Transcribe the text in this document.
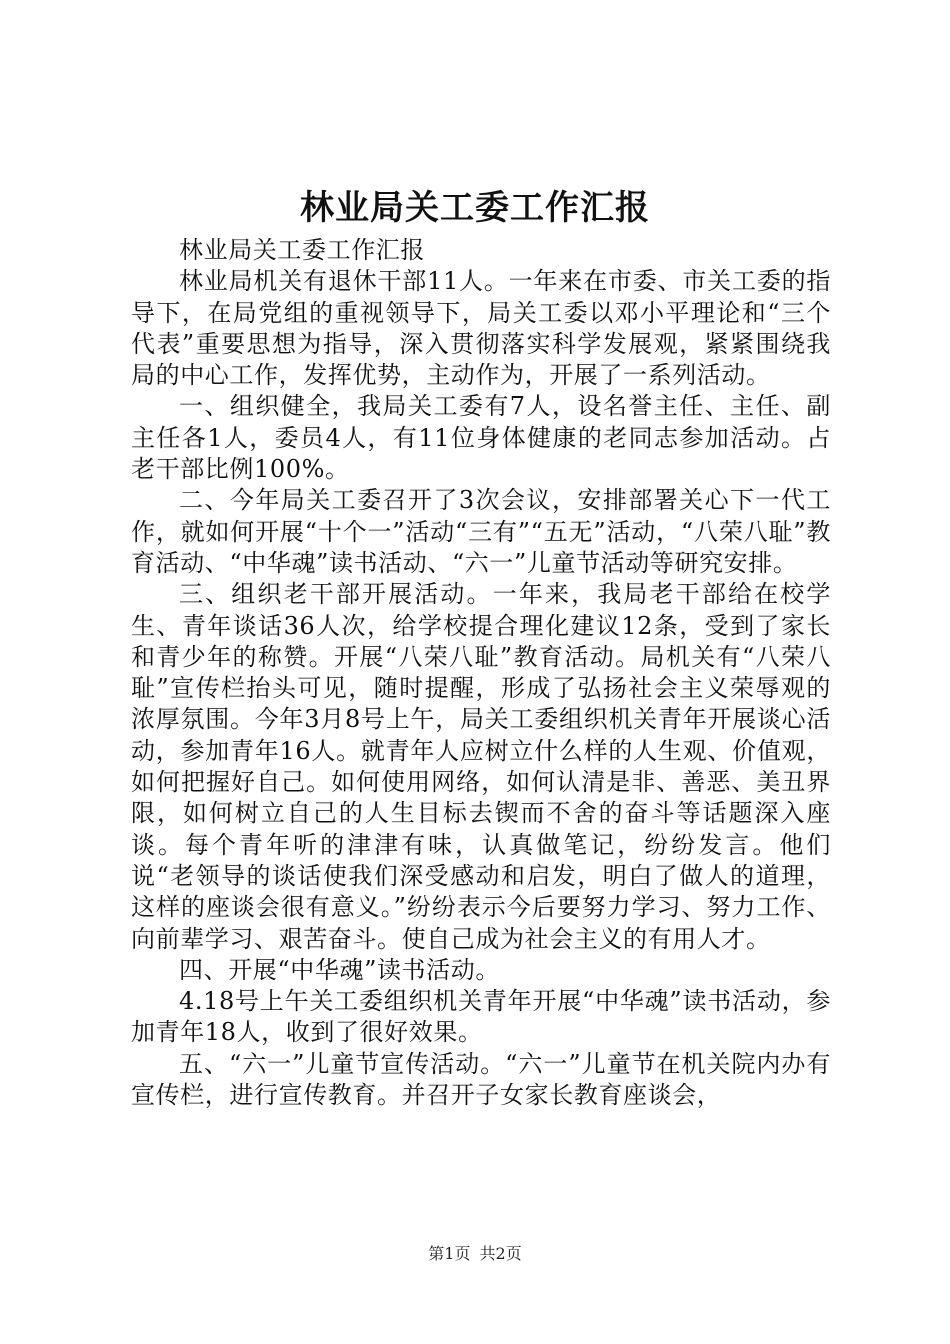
林业局关工委工作汇报

林业局关工委工作汇报

林业局机关有退休干部11人。一年来在市委、市关工委的指导下，在局党组的重视领导下，局关工委以邓小平理论和“三个代表”重要思想为指导，深入贯彻落实科学发展观，紧紧围绕我局的中心工作，发挥优势，主动作为，开展了一系列活动。

一、组织健全，我局关工委有7人，设名誉主任、主任、副主任各1人，委员4人，有11位身体健康的老同志参加活动。占老干部比例100%。

二、今年局关工委召开了3次会议，安排部署关心下一代工作，就如何开展“十个一”活动“三有”“五无”活动，“八荣八耻”教育活动、“中华魂”读书活动、“六一”儿童节活动等研究安排。

三、组织老干部开展活动。一年来，我局老干部给在校学生、青年谈话36人次，给学校提合理化建议12条，受到了家长和青少年的称赞。开展“八荣八耻”教育活动。局机关有“八荣八耻”宣传栏抬头可见，随时提醒，形成了弘扬社会主义荣辱观的浓厚氛围。今年3月8号上午，局关工委组织机关青年开展谈心活动，参加青年16人。就青年人应树立什么样的人生观、价值观，如何把握好自己。如何使用网络，如何认清是非、善恶、美丑界限，如何树立自己的人生目标去锲而不舍的奋斗等话题深入座谈。每个青年听的津津有味，认真做笔记，纷纷发言。他们说“老领导的谈话使我们深受感动和启发，明白了做人的道理，这样的座谈会很有意义。”纷纷表示今后要努力学习、努力工作、向前辈学习、艰苦奋斗。使自己成为社会主义的有用人才。

四、开展“中华魂”读书活动。

4.18号上午关工委组织机关青年开展“中华魂”读书活动，参加青年18人，收到了很好效果。

五、“六一”儿童节宣传活动。“六一”儿童节在机关院内办有宣传栏，进行宣传教育。并召开子女家长教育座谈会，

第1页 共2页
